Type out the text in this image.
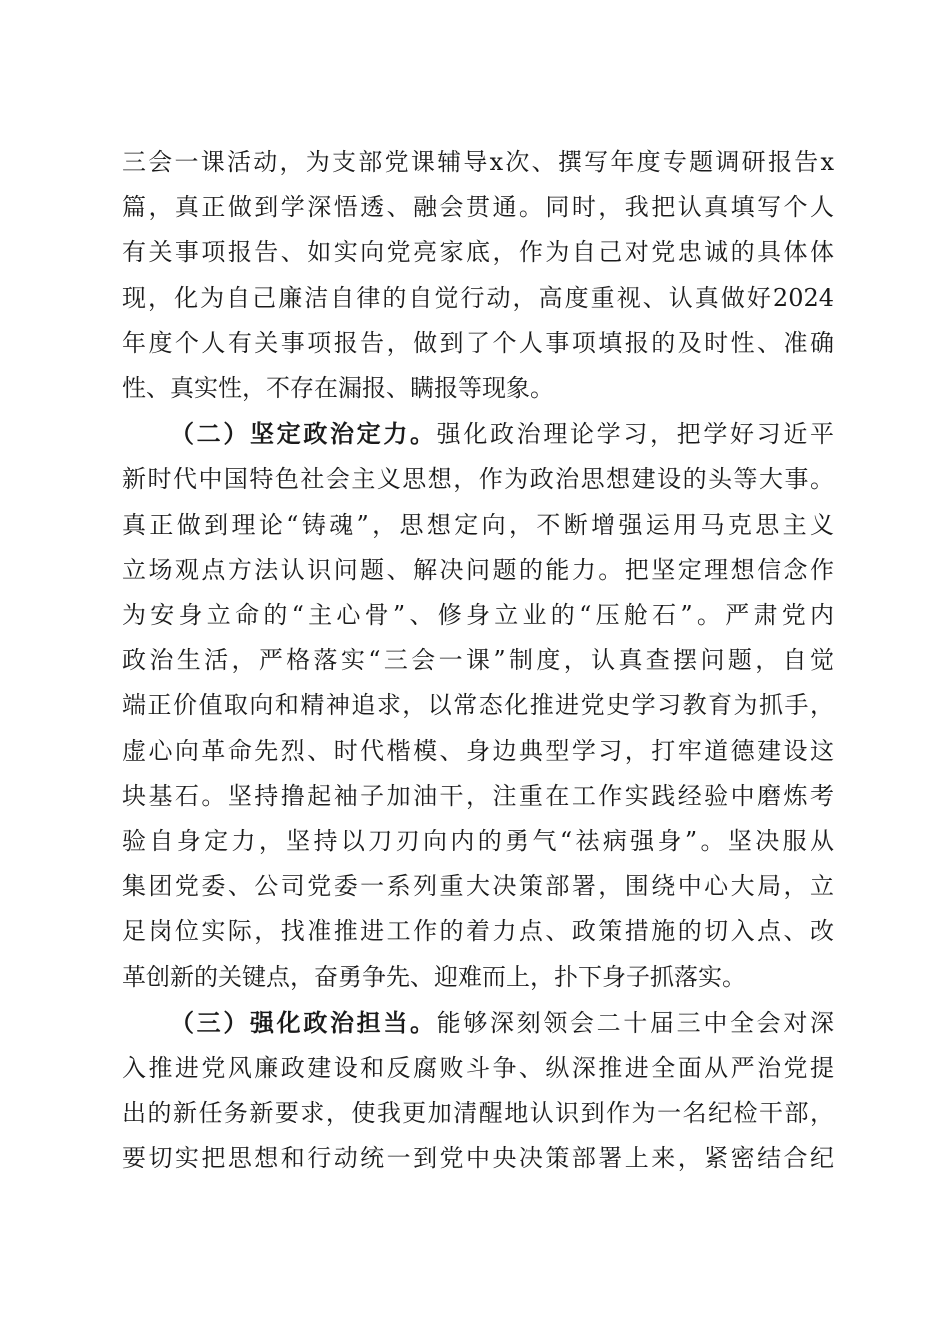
三会一课活动，为支部党课辅导x次、撰写年度专题调研报告x
篇，真正做到学深悟透、融会贯通。同时，我把认真填写个人
有关事项报告、如实向党亮家底，作为自己对党忠诚的具体体
现，化为自己廉洁自律的自觉行动，高度重视、认真做好2024
年度个人有关事项报告，做到了个人事项填报的及时性、准确
性、真实性，不存在漏报、瞒报等现象。
（二）坚定政治定力。强化政治理论学习，把学好习近平
新时代中国特色社会主义思想，作为政治思想建设的头等大事。
真正做到理论“铸魂”，思想定向，不断增强运用马克思主义
立场观点方法认识问题、解决问题的能力。把坚定理想信念作
为安身立命的“主心骨”、修身立业的“压舱石”。严肃党内
政治生活，严格落实“三会一课”制度，认真查摆问题，自觉
端正价值取向和精神追求，以常态化推进党史学习教育为抓手，
虚心向革命先烈、时代楷模、身边典型学习，打牢道德建设这
块基石。坚持撸起袖子加油干，注重在工作实践经验中磨炼考
验自身定力，坚持以刀刃向内的勇气“祛病强身”。坚决服从
集团党委、公司党委一系列重大决策部署，围绕中心大局，立
足岗位实际，找准推进工作的着力点、政策措施的切入点、改
革创新的关键点，奋勇争先、迎难而上，扑下身子抓落实。
（三）强化政治担当。能够深刻领会二十届三中全会对深
入推进党风廉政建设和反腐败斗争、纵深推进全面从严治党提
出的新任务新要求，使我更加清醒地认识到作为一名纪检干部，
要切实把思想和行动统一到党中央决策部署上来，紧密结合纪
